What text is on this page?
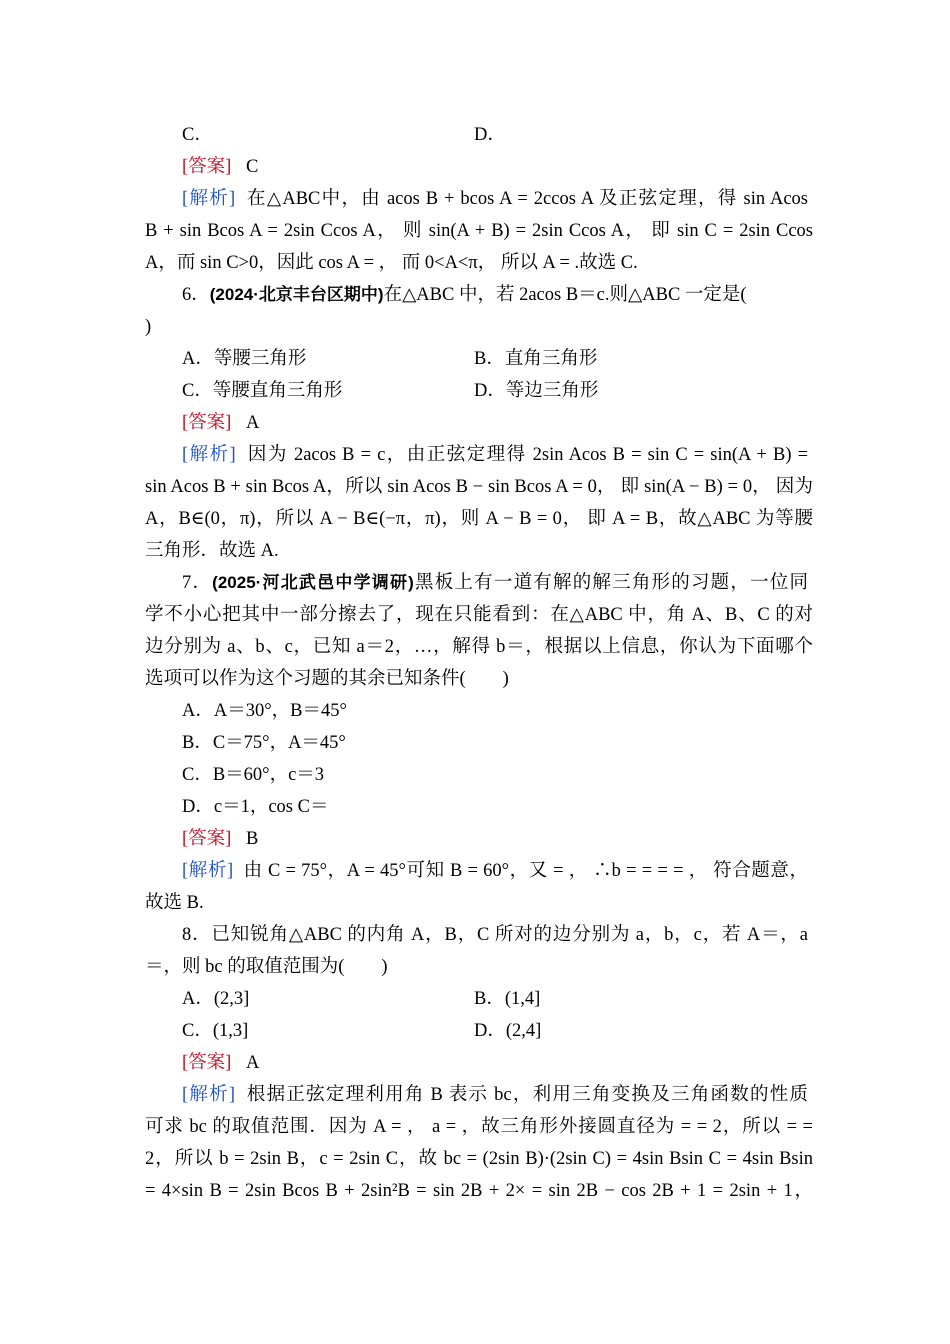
C．	D．
[答案] C
[解析] 在△ABC中，由 acos B + bcos A = 2ccos A 及正弦定理，得 sin Acos
B + sin Bcos A = 2sin Ccos A， 则 sin(A + B) = 2sin Ccos A， 即 sin C = 2sin Ccos
A，而 sin C>0，因此 cos A = ， 而 0<A<π， 所以 A = .故选 C.
6．(2024·北京丰台区期中)在△ABC 中，若 2acos B＝c.则△ABC 一定是(
)
A．等腰三角形	B．直角三角形
C．等腰直角三角形	D．等边三角形
[答案] A
[解析] 因为 2acos B = c，由正弦定理得 2sin Acos B = sin C = sin(A + B) =
sin Acos B + sin Bcos A，所以 sin Acos B − sin Bcos A = 0， 即 sin(A − B) = 0， 因为
A，B∈(0，π)，所以 A − B∈(−π，π)，则 A − B = 0， 即 A = B，故△ABC 为等腰
三角形．故选 A.
7．(2025·河北武邑中学调研)黑板上有一道有解的解三角形的习题，一位同
学不小心把其中一部分擦去了，现在只能看到：在△ABC 中，角 A、B、C 的对
边分别为 a、b、c，已知 a＝2，…，解得 b＝，根据以上信息，你认为下面哪个
选项可以作为这个习题的其余已知条件(　　)
A．A＝30°，B＝45°
B．C＝75°，A＝45°
C．B＝60°，c＝3
D．c＝1，cos C＝
[答案] B
[解析] 由 C = 75°，A = 45°可知 B = 60°，又 = ， ∴b = = = = ， 符合题意，
故选 B.
8．已知锐角△ABC 的内角 A，B，C 所对的边分别为 a，b，c，若 A＝，a
＝，则 bc 的取值范围为(　　)
A．(2,3]	B．(1,4]
C．(1,3]	D．(2,4]
[答案] A
[解析] 根据正弦定理利用角 B 表示 bc，利用三角变换及三角函数的性质
可求 bc 的取值范围．因为 A = ， a = ，故三角形外接圆直径为 = = 2，所以 = =
2，所以 b = 2sin B，c = 2sin C，故 bc = (2sin B)·(2sin C) = 4sin Bsin C = 4sin Bsin
= 4×sin B = 2sin Bcos B + 2sin²B = sin 2B + 2× = sin 2B − cos 2B + 1 = 2sin + 1，
